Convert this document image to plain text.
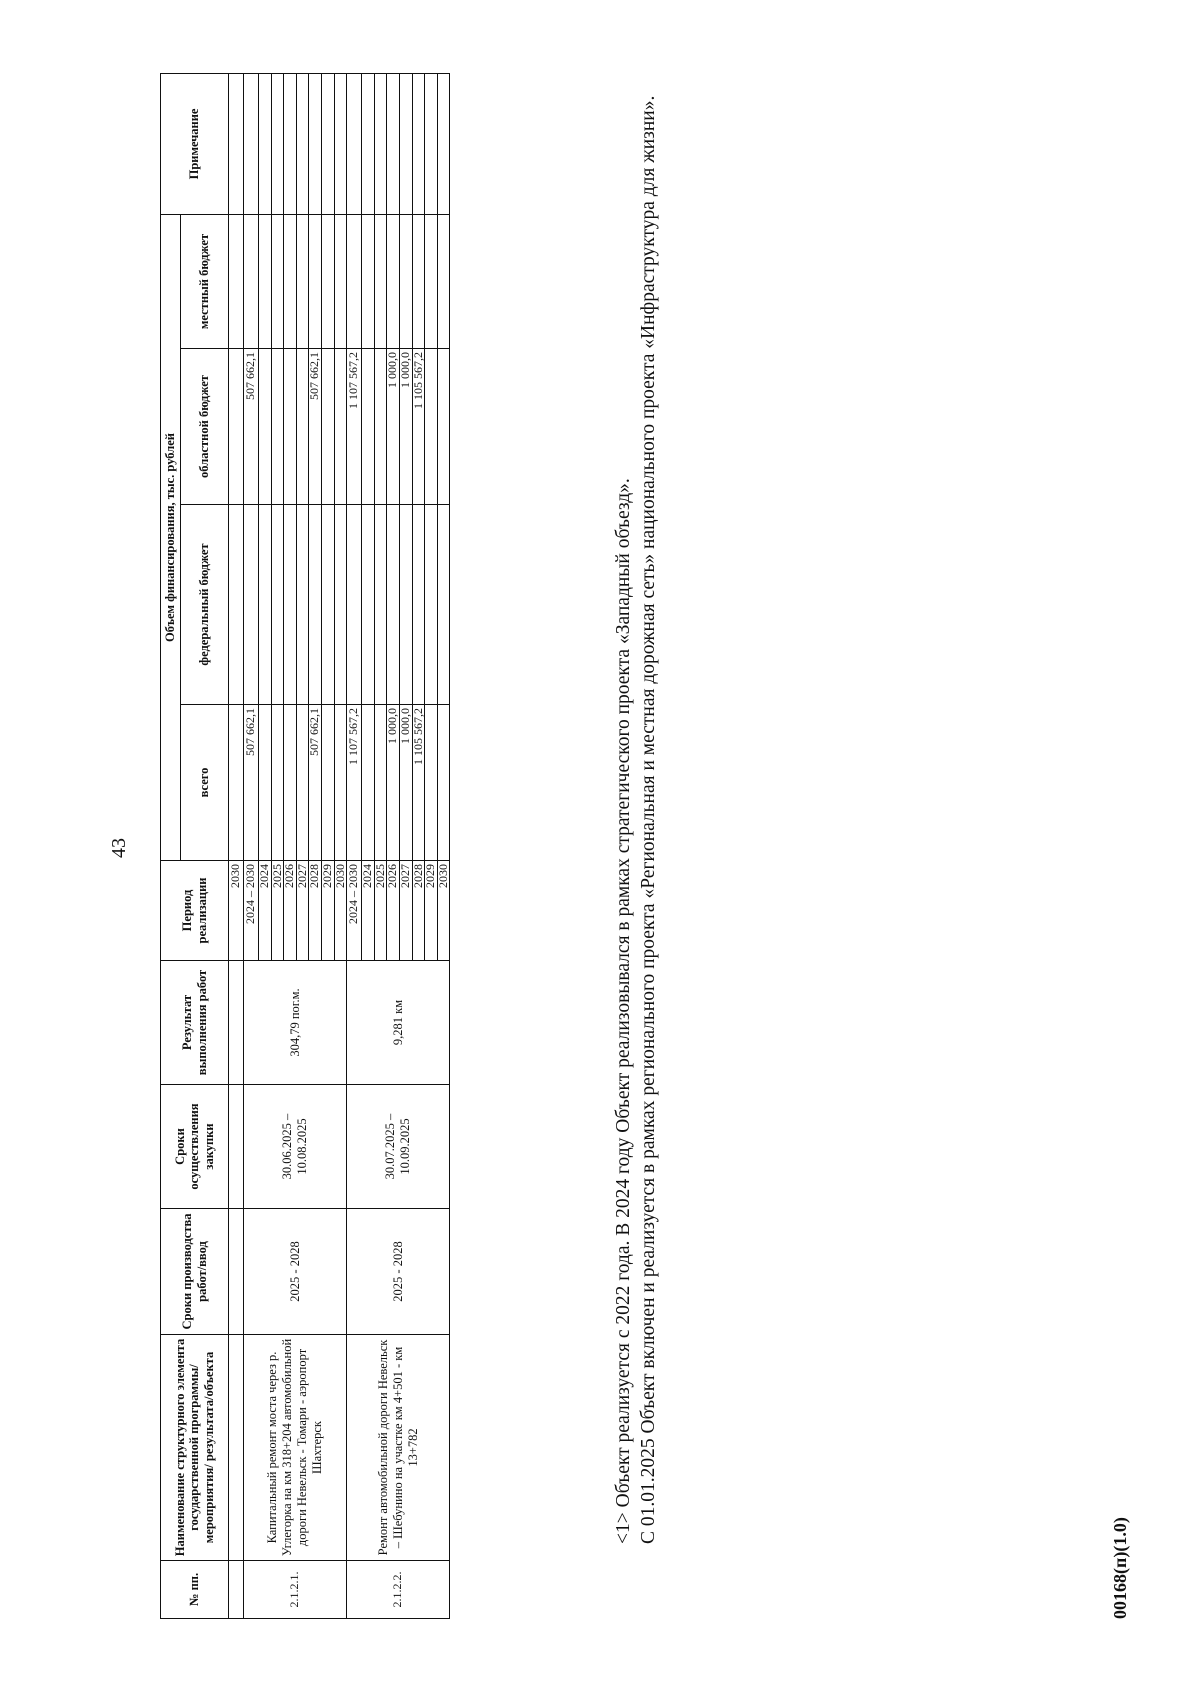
43
№ пп.	Наименование структурного элемента государственной программы/мероприятия/ результата/объекта	Сроки производства работ/ввод	Сроки осуществления закупки	Результат выполнения работ	Период реализации	Объем финансирования, тыс. рублей				Примечание
						всего	федеральный бюджет	областной бюджет	местный бюджет	
					2030					
2.1.2.1.	Капитальный ремонт моста через р. Углегорка на км 318+204 автомобильной дороги Невельск - Томари - аэропорт Шахтерск	2025 - 2028	30.06.2025 – 10.08.2025	304,79 пог.м.	2024 – 2030	507 662,1		507 662,1		
					2024					
					2025					
					2026					
					2027					
					2028	507 662,1		507 662,1		
					2029					
					2030					
2.1.2.2.	Ремонт автомобильной дороги Невельск – Шебунино на участке км 4+501 - км 13+782	2025 - 2028	30.07.2025 – 10.09.2025	9,281 км	2024 – 2030	1 107 567,2		1 107 567,2		
					2024					
					2025					
					2026	1 000,0		1 000,0		
					2027	1 000,0		1 000,0		
					2028	1 105 567,2		1 105 567,2		
					2029					
					2030						<1> Объект реализуется с 2022 года. В 2024 году Объект реализовывался в рамках стратегического проекта «Западный объезд». С 01.01.2025 Объект включен и реализуется в рамках регионального проекта «Региональная и местная дорожная сеть» национального проекта «Инфраструктура для жизни».

00168(п)(1.0)
